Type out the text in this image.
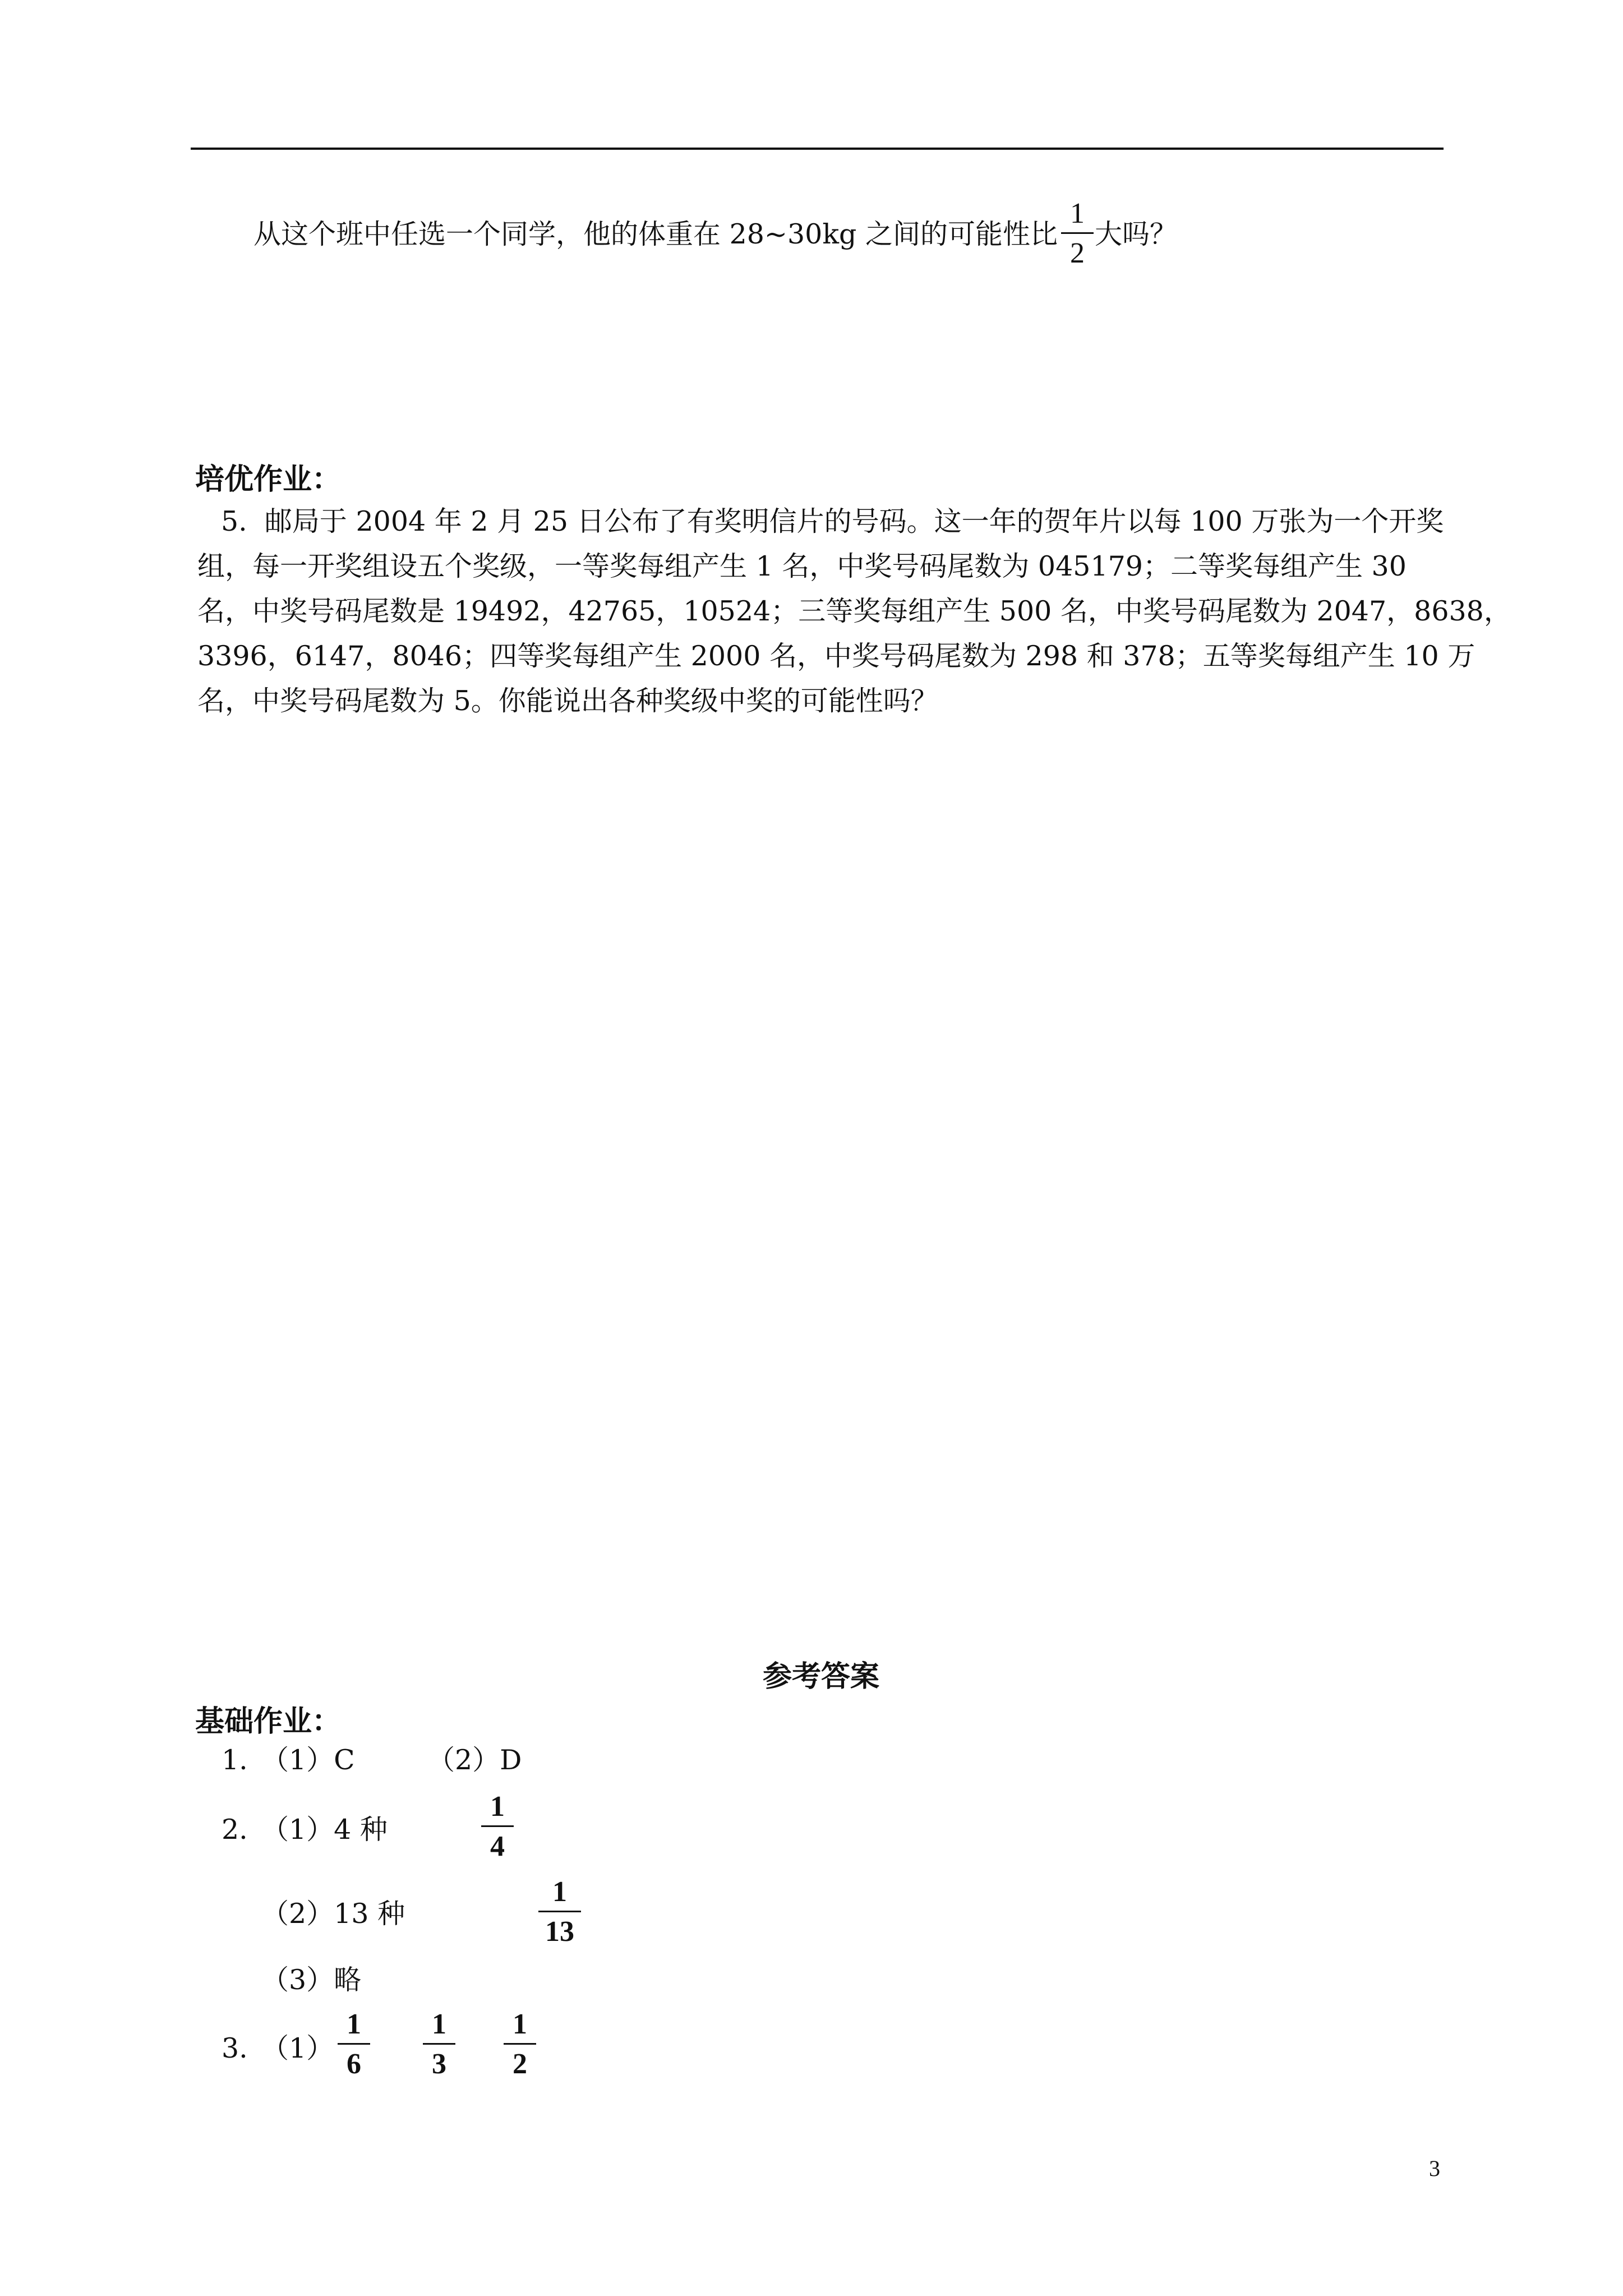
从这个班中任选一个同学，他的体重在 28~30kg 之间的可能性比
1
2
大吗？
培优作业：
5. 邮局于 2004 年 2 月 25 日公布了有奖明信片的号码。这一年的贺年片以每 100 万张为一个开奖
组，每一开奖组设五个奖级，一等奖每组产生 1 名，中奖号码尾数为 045179；二等奖每组产生 30
名，中奖号码尾数是 19492，42765，10524；三等奖每组产生 500 名，中奖号码尾数为 2047，8638，
3396，6147，8046；四等奖每组产生 2000 名，中奖号码尾数为 298 和 378；五等奖每组产生 10 万
名，中奖号码尾数为 5。你能说出各种奖级中奖的可能性吗？
参考答案
基础作业：
1. （1）C	（2）D
2. （1）4 种
1
4
（2）13 种
1
13
（3）略
3. （1）
1
6
1
3
1
2
3
